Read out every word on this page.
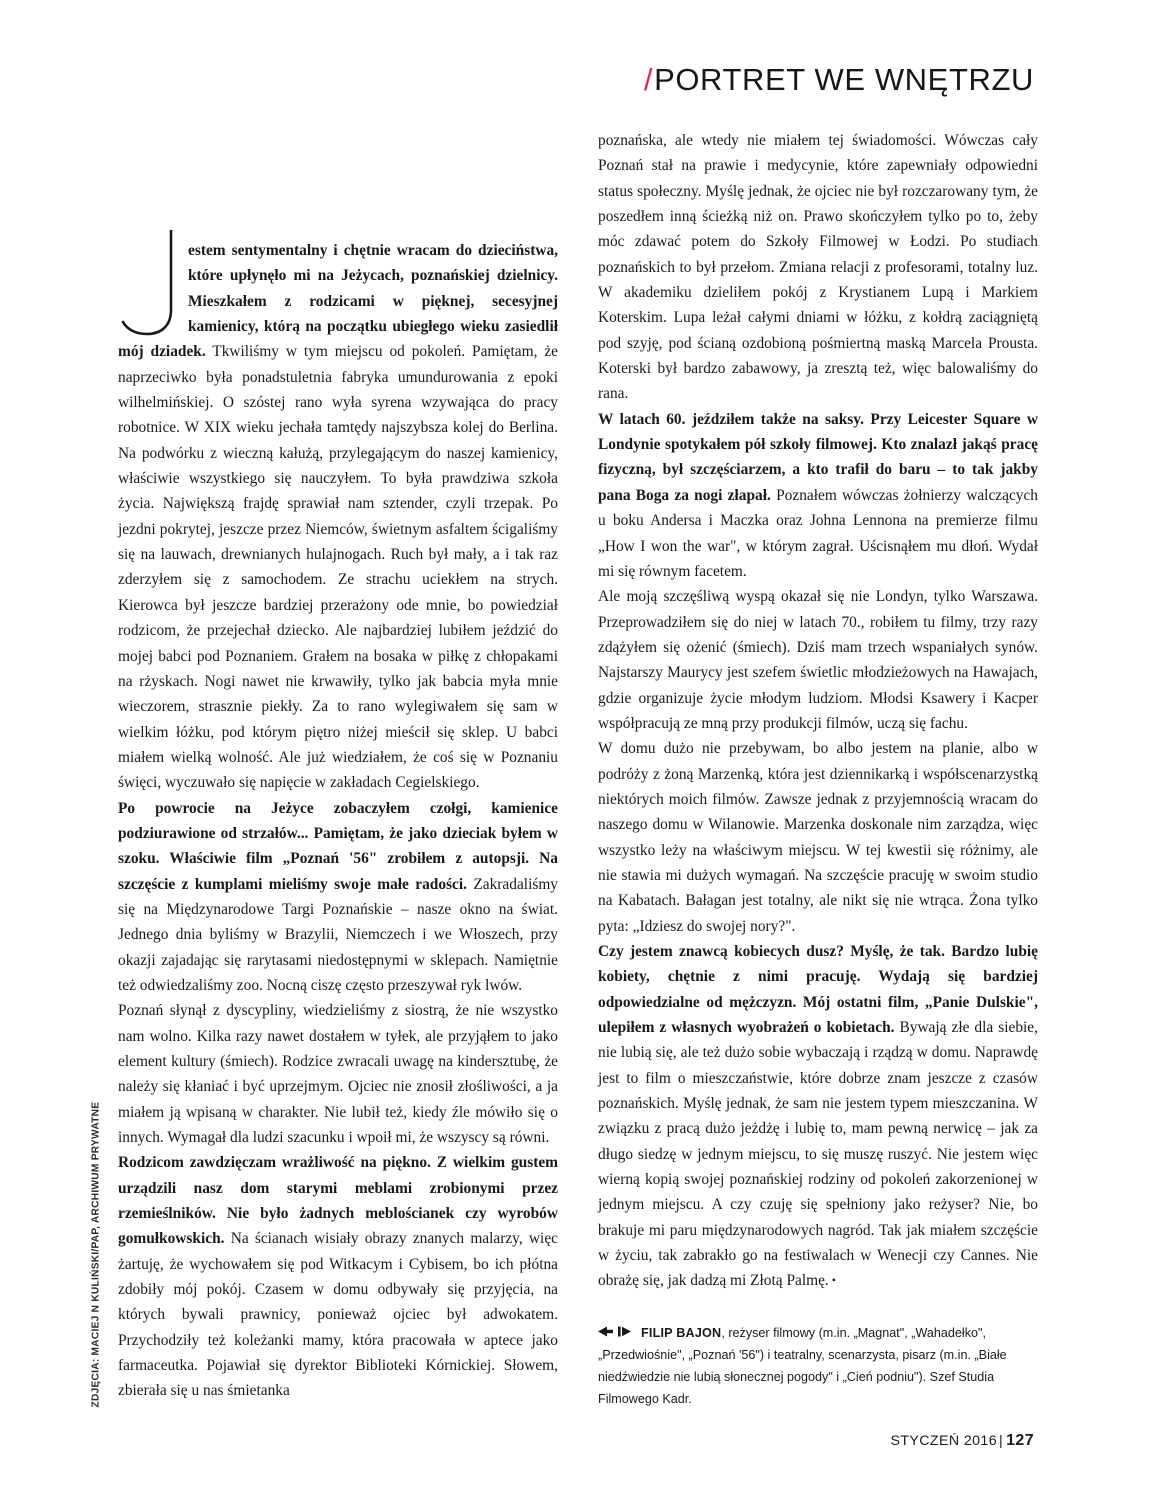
/PORTRET WE WNĘTRZU

estem sentymentalny i chętnie wracam do dzieciństwa, które upłynęło mi na Jeżycach, poznańskiej dzielnicy. Mieszkałem z rodzicami w pięknej, secesyjnej kamienicy, którą na początku ubiegłego wieku zasiedlił mój dziadek. Tkwiliśmy w tym miejscu od pokoleń. Pamiętam, że naprzeciwko była ponadstuletnia fabryka umundurowania z epoki wilhelmińskiej. O szóstej rano wyła syrena wzywająca do pracy robotnice. W XIX wieku jechała tamtędy najszybsza kolej do Berlina. Na podwórku z wieczną kałużą, przylegającym do naszej kamienicy, właściwie wszystkiego się nauczyłem. To była prawdziwa szkoła życia. Największą frajdę sprawiał nam sztender, czyli trzepak. Po jezdni pokrytej, jeszcze przez Niemców, świetnym asfaltem ścigaliśmy się na lauwach, drewnianych hulajnogach. Ruch był mały, a i tak raz zderzyłem się z samochodem. Ze strachu uciekłem na strych. Kierowca był jeszcze bardziej przerażony ode mnie, bo powiedział rodzicom, że przejechał dziecko. Ale najbardziej lubiłem jeździć do mojej babci pod Poznaniem. Grałem na bosaka w piłkę z chłopakami na rżyskach. Nogi nawet nie krwawiły, tylko jak babcia myła mnie wieczorem, strasznie piekły. Za to rano wylegiwałem się sam w wielkim łóżku, pod którym piętro niżej mieścił się sklep. U babci miałem wielką wolność. Ale już wiedziałem, że coś się w Poznaniu święci, wyczuwało się napięcie w zakładach Cegielskiego.

Po powrocie na Jeżyce zobaczyłem czołgi, kamienice podziurawione od strzałów... Pamiętam, że jako dzieciak byłem w szoku. Właściwie film „Poznań '56" zrobiłem z autopsji. Na szczęście z kumplami mieliśmy swoje małe radości. Zakradaliśmy się na Międzynarodowe Targi Poznańskie – nasze okno na świat. Jednego dnia byliśmy w Brazylii, Niemczech i we Włoszech, przy okazji zajadając się rarytasami niedostępnymi w sklepach. Namiętnie też odwiedzaliśmy zoo. Nocną ciszę często przeszywał ryk lwów.

Poznań słynął z dyscypliny, wiedzieliśmy z siostrą, że nie wszystko nam wolno. Kilka razy nawet dostałem w tyłek, ale przyjąłem to jako element kultury (śmiech). Rodzice zwracali uwagę na kindersztubę, że należy się kłaniać i być uprzejmym. Ojciec nie znosił złośliwości, a ja miałem ją wpisaną w charakter. Nie lubił też, kiedy źle mówiło się o innych. Wymagał dla ludzi szacunku i wpoił mi, że wszyscy są równi.

Rodzicom zawdzięczam wrażliwość na piękno. Z wielkim gustem urządzili nasz dom starymi meblami zrobionymi przez rzemieślników. Nie było żadnych meblościanek czy wyrobów gomułkowskich. Na ścianach wisiały obrazy znanych malarzy, więc żartuję, że wychowałem się pod Witkacym i Cybisem, bo ich płótna zdobiły mój pokój. Czasem w domu odbywały się przyjęcia, na których bywali prawnicy, ponieważ ojciec był adwokatem. Przychodziły też koleżanki mamy, która pracowała w aptece jako farmaceutka. Pojawiał się dyrektor Biblioteki Kórnickiej. Słowem, zbierała się u nas śmietanka

poznańska, ale wtedy nie miałem tej świadomości. Wówczas cały Poznań stał na prawie i medycynie, które zapewniały odpowiedni status społeczny. Myślę jednak, że ojciec nie był rozczarowany tym, że poszedłem inną ścieżką niż on. Prawo skończyłem tylko po to, żeby móc zdawać potem do Szkoły Filmowej w Łodzi. Po studiach poznańskich to był przełom. Zmiana relacji z profesorami, totalny luz. W akademiku dzieliłem pokój z Krystianem Lupą i Markiem Koterskim. Lupa leżał całymi dniami w łóżku, z kołdrą zaciągniętą pod szyję, pod ścianą ozdobioną pośmiertną maską Marcela Prousta. Koterski był bardzo zabawowy, ja zresztą też, więc balowaliśmy do rana.

W latach 60. jeździłem także na saksy. Przy Leicester Square w Londynie spotykałem pół szkoły filmowej. Kto znalazł jakąś pracę fizyczną, był szczęściarzem, a kto trafił do baru – to tak jakby pana Boga za nogi złapał. Poznałem wówczas żołnierzy walczących u boku Andersa i Maczka oraz Johna Lennona na premierze filmu „How I won the war", w którym zagrał. Uścisnąłem mu dłoń. Wydał mi się równym facetem.

Ale moją szczęśliwą wyspą okazał się nie Londyn, tylko Warszawa. Przeprowadziłem się do niej w latach 70., robiłem tu filmy, trzy razy zdążyłem się ożenić (śmiech). Dziś mam trzech wspaniałych synów. Najstarszy Maurycy jest szefem świetlic młodzieżowych na Hawajach, gdzie organizuje życie młodym ludziom. Młodsi Ksawery i Kacper współpracują ze mną przy produkcji filmów, uczą się fachu.

W domu dużo nie przebywam, bo albo jestem na planie, albo w podróży z żoną Marzenką, która jest dziennikarką i współscenarzystką niektórych moich filmów. Zawsze jednak z przyjemnością wracam do naszego domu w Wilanowie. Marzenka doskonale nim zarządza, więc wszystko leży na właściwym miejscu. W tej kwestii się różnimy, ale nie stawia mi dużych wymagań. Na szczęście pracuję w swoim studio na Kabatach. Bałagan jest totalny, ale nikt się nie wtrąca. Żona tylko pyta: „Idziesz do swojej nory?".

Czy jestem znawcą kobiecych dusz? Myślę, że tak. Bardzo lubię kobiety, chętnie z nimi pracuję. Wydają się bardziej odpowiedzialne od mężczyzn. Mój ostatni film, „Panie Dulskie", ulepiłem z własnych wyobrażeń o kobietach. Bywają złe dla siebie, nie lubią się, ale też dużo sobie wybaczają i rządzą w domu. Naprawdę jest to film o mieszczaństwie, które dobrze znam jeszcze z czasów poznańskich. Myślę jednak, że sam nie jestem typem mieszczanina. W związku z pracą dużo jeżdżę i lubię to, mam pewną nerwicę – jak za długo siedzę w jednym miejscu, to się muszę ruszyć. Nie jestem więc wierną kopią swojej poznańskiej rodziny od pokoleń zakorzenionej w jednym miejscu. A czy czuję się spełniony jako reżyser? Nie, bo brakuje mi paru międzynarodowych nagród. Tak jak miałem szczęście w życiu, tak zabrakło go na festiwalach w Wenecji czy Cannes. Nie obrażę się, jak dadzą mi Złotą Palmę. •

ZDJĘCIA: MACIEJ N KULIŃSKI/PAP, ARCHIWUM PRYWATNE	FILIP BAJON, reżyser filmowy (m.in. „Magnat", „Wahadełko", „Przedwiośnie", „Poznań '56") i teatralny, scenarzysta, pisarz (m.in. „Białe niedźwiedzie nie lubią słonecznej pogody" i „Cień podniu"). Szef Studia Filmowego Kadr.
STYCZEŃ 2016 | 127
